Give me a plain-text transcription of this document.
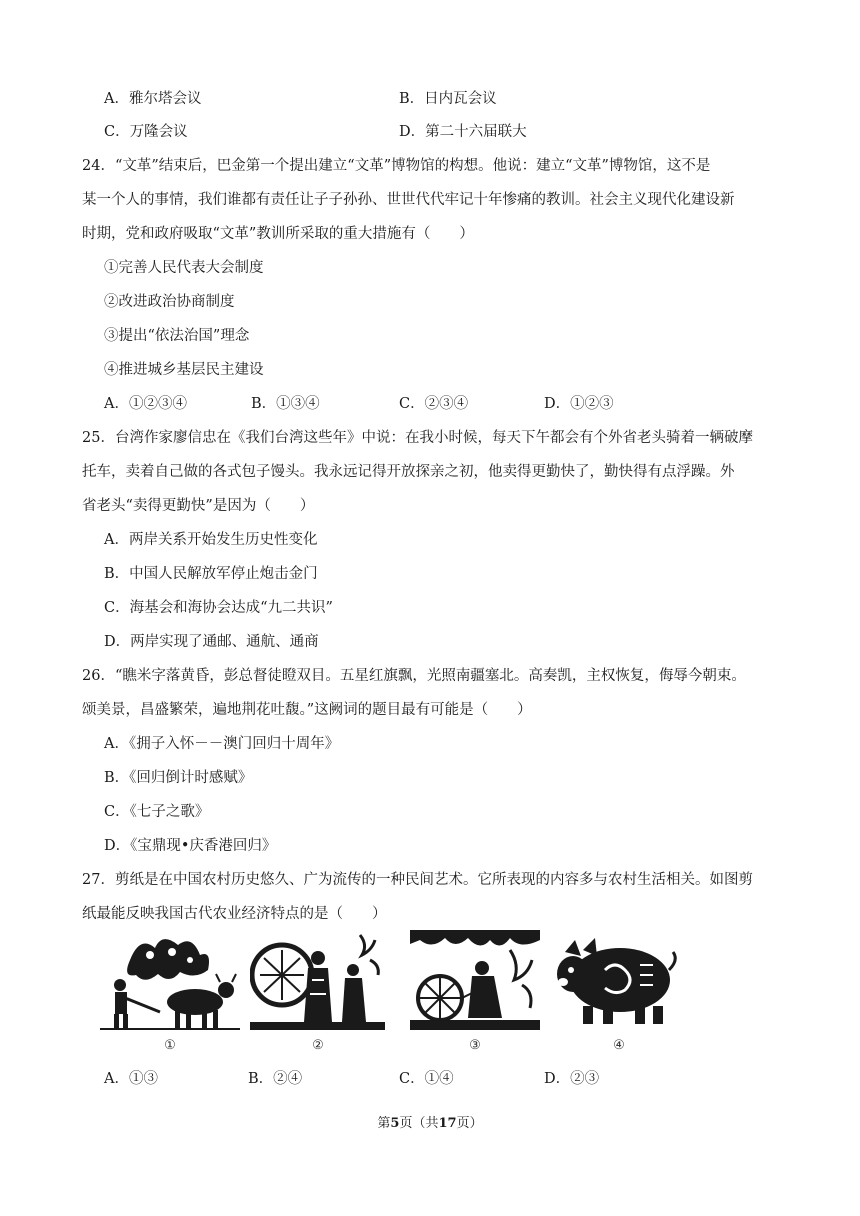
A．雅尔塔会议	B．日内瓦会议
C．万隆会议	D．第二十六届联大
24．“文革”结束后，巴金第一个提出建立“文革”博物馆的构想。他说：建立“文革”博物馆，这不是
某一个人的事情，我们谁都有责任让子子孙孙、世世代代牢记十年惨痛的教训。社会主义现代化建设新
时期，党和政府吸取“文革”教训所采取的重大措施有（　　）
①完善人民代表大会制度
②改进政治协商制度
③提出“依法治国”理念
④推进城乡基层民主建设
A．①②③④	B．①③④	C．②③④	D．①②③
25．台湾作家廖信忠在《我们台湾这些年》中说：在我小时候，每天下午都会有个外省老头骑着一辆破摩
托车，卖着自己做的各式包子馒头。我永远记得开放探亲之初，他卖得更勤快了，勤快得有点浮躁。外
省老头“卖得更勤快”是因为（　　）
A．两岸关系开始发生历史性变化
B．中国人民解放军停止炮击金门
C．海基会和海协会达成“九二共识”
D．两岸实现了通邮、通航、通商
26．“瞧米字落黄昏，彭总督徒瞪双目。五星红旗飘，光照南疆塞北。高奏凯，主权恢复，侮辱今朝束。
颂美景，昌盛繁荣，遍地荆花吐馥。”这阙词的题目最有可能是（　　）
A．《拥子入怀－－澳门回归十周年》
B．《回归倒计时感赋》
C．《七子之歌》
D．《宝鼎现•庆香港回归》
27．剪纸是在中国农村历史悠久、广为流传的一种民间艺术。它所表现的内容多与农村生活相关。如图剪
纸最能反映我国古代农业经济特点的是（　　）
①	②	③	④
A．①③	B．②④	C．①④	D．②③
第5页（共17页）
